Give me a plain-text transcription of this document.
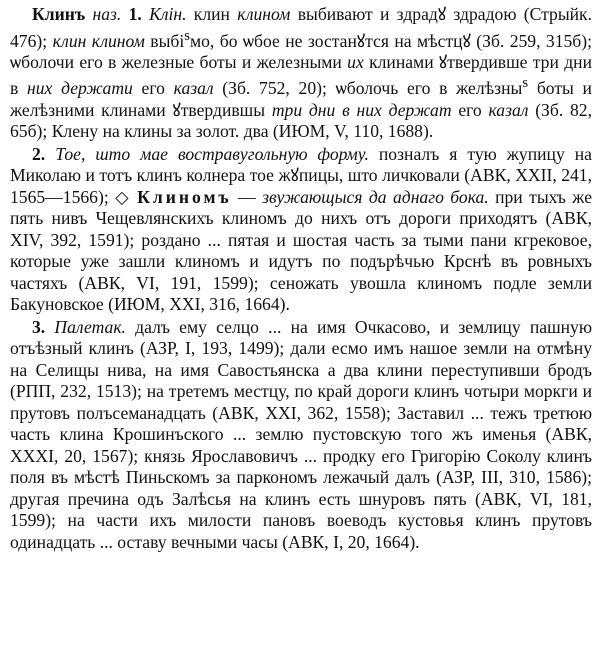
Клинъ наз. 1. Клін. клин клином выбивают и здрадꙋ здрадою (Стрыйк. 476); клин клином выбі$^s$мо, бо ѡбое не зостанꙋтся на мѣстцꙋ (Зб. 259, 315б); ѡболочи его в железные боты и железными их клинами ꙋтвердивше три дни в них держати его казал (Зб. 752, 20); ѡболочь его в желѣзны$^s$ боты и желѣзними клинами ꙋтвердившы три дни в них держат его казал (Зб. 82, 65б); Клену на клины за золот. два (ИЮМ, V, 110, 1688).

2. Тое, што мае востравугольную форму. позналъ я тую жупицу на Миколаю и тотъ клинъ колнера тое жꙋпицы, што личковали (АВК, XXII, 241, 1565—1566); ◇ Клиномъ — звужающыся да аднаго бока. при тыхъ же пять нивъ Чещевлянскихъ клиномъ до нихъ отъ дороги приходятъ (АВК, XIV, 392, 1591); роздано ... пятая и шостая часть за тыми пани кгрековое, которые уже зашли клиномъ и идутъ по подърѣчью Крснѣ въ ровныхъ частяхъ (АВК, VI, 191, 1599); сеножать увошла клиномъ подле земли Бакуновское (ИЮМ, XXI, 316, 1664).

3. Палетак. далъ ему селцо ... на имя Очкасово, и землицу пашную отъѣзный клинъ (АЗР, I, 193, 1499); дали есмо имъ нашое земли на отмѣну на Селищы нива, на имя Савостьянска а два клини переступивши бродъ (РПП, 232, 1513); на третемъ местцу, по край дороги клинъ чотыри моркги и прутовъ полъсеманадцать (АВК, XXI, 362, 1558); Заставил ... тежъ третюю часть клина Крошинъского ... землю пустовскую того жъ именья (АВК, XXXI, 20, 1567); князь Ярославовичъ ... продку его Григорію Соколу клинъ поля въ мѣстѣ Пиньскомъ за паркономъ лежачый далъ (АЗР, III, 310, 1586); другая пречина одъ Залѣсья на клинъ есть шнуровъ пять (АВК, VI, 181, 1599); на части ихъ милости пановъ воеводъ кустовья клинъ прутовъ одинадцать ... оставу вечными часы (АВК, I, 20, 1664).
